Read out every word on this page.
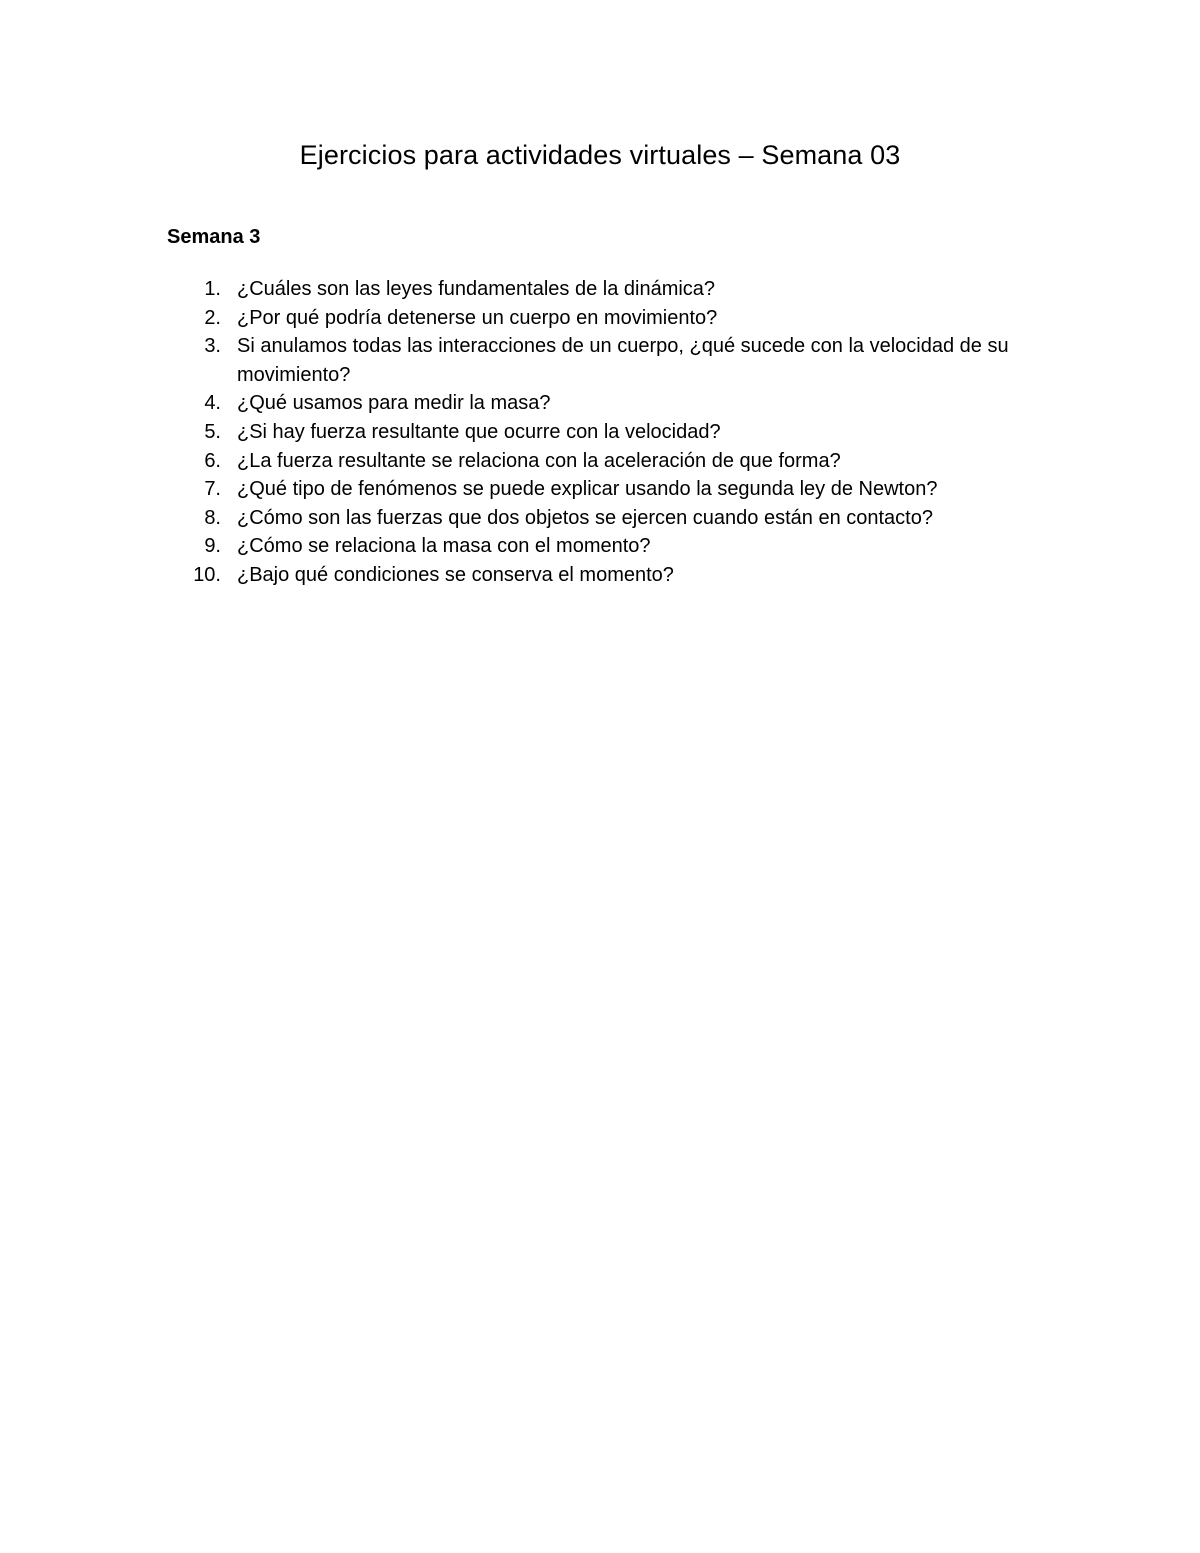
Ejercicios para actividades virtuales – Semana 03
Semana 3
1. ¿Cuáles son las leyes fundamentales de la dinámica?
2. ¿Por qué podría detenerse un cuerpo en movimiento?
3. Si anulamos todas las interacciones de un cuerpo, ¿qué sucede con la velocidad de su movimiento?
4. ¿Qué usamos para medir la masa?
5. ¿Si hay fuerza resultante que ocurre con la velocidad?
6. ¿La fuerza resultante se relaciona con la aceleración de que forma?
7. ¿Qué tipo de fenómenos se puede explicar usando la segunda ley de Newton?
8. ¿Cómo son las fuerzas que dos objetos se ejercen cuando están en contacto?
9. ¿Cómo se relaciona la masa con el momento?
10. ¿Bajo qué condiciones se conserva el momento?
